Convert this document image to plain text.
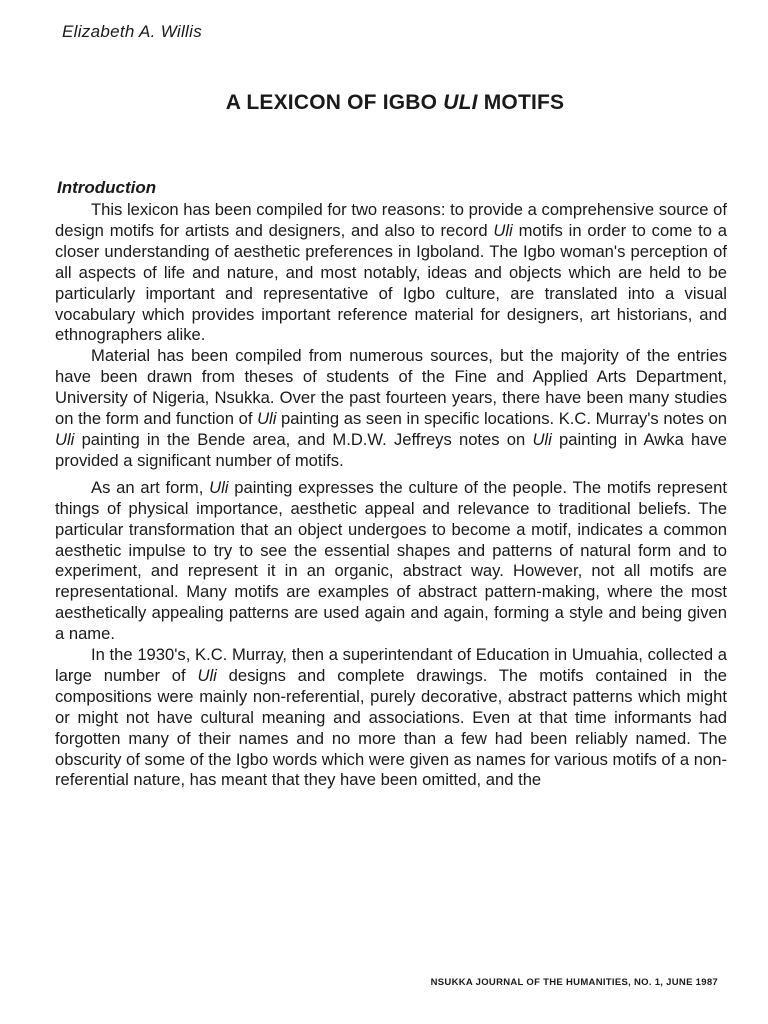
Elizabeth A. Willis
A LEXICON OF IGBO ULI MOTIFS
Introduction

This lexicon has been compiled for two reasons: to provide a comprehensive source of design motifs for artists and designers, and also to record Uli motifs in order to come to a closer understanding of aesthetic preferences in Igboland. The Igbo woman's perception of all aspects of life and nature, and most notably, ideas and objects which are held to be particularly important and representative of Igbo culture, are translated into a visual vocabulary which provides important reference material for designers, art historians, and ethnographers alike.

Material has been compiled from numerous sources, but the majority of the entries have been drawn from theses of students of the Fine and Applied Arts Department, University of Nigeria, Nsukka. Over the past fourteen years, there have been many studies on the form and function of Uli painting as seen in specific locations. K.C. Murray's notes on Uli painting in the Bende area, and M.D.W. Jeffreys notes on Uli painting in Awka have provided a significant number of motifs.

As an art form, Uli painting expresses the culture of the people. The motifs represent things of physical importance, aesthetic appeal and relevance to traditional beliefs. The particular transformation that an object undergoes to become a motif, indicates a common aesthetic impulse to try to see the essential shapes and patterns of natural form and to experiment, and represent it in an organic, abstract way. However, not all motifs are representational. Many motifs are examples of abstract pattern-making, where the most aesthetically appealing patterns are used again and again, forming a style and being given a name.

In the 1930's, K.C. Murray, then a superintendant of Education in Umuahia, collected a large number of Uli designs and complete drawings. The motifs contained in the compositions were mainly non-referential, purely decorative, abstract patterns which might or might not have cultural meaning and associations. Even at that time informants had forgotten many of their names and no more than a few had been reliably named. The obscurity of some of the Igbo words which were given as names for various motifs of a non-referential nature, has meant that they have been omitted, and the

NSUKKA JOURNAL OF THE HUMANITIES, NO. 1, JUNE 1987
